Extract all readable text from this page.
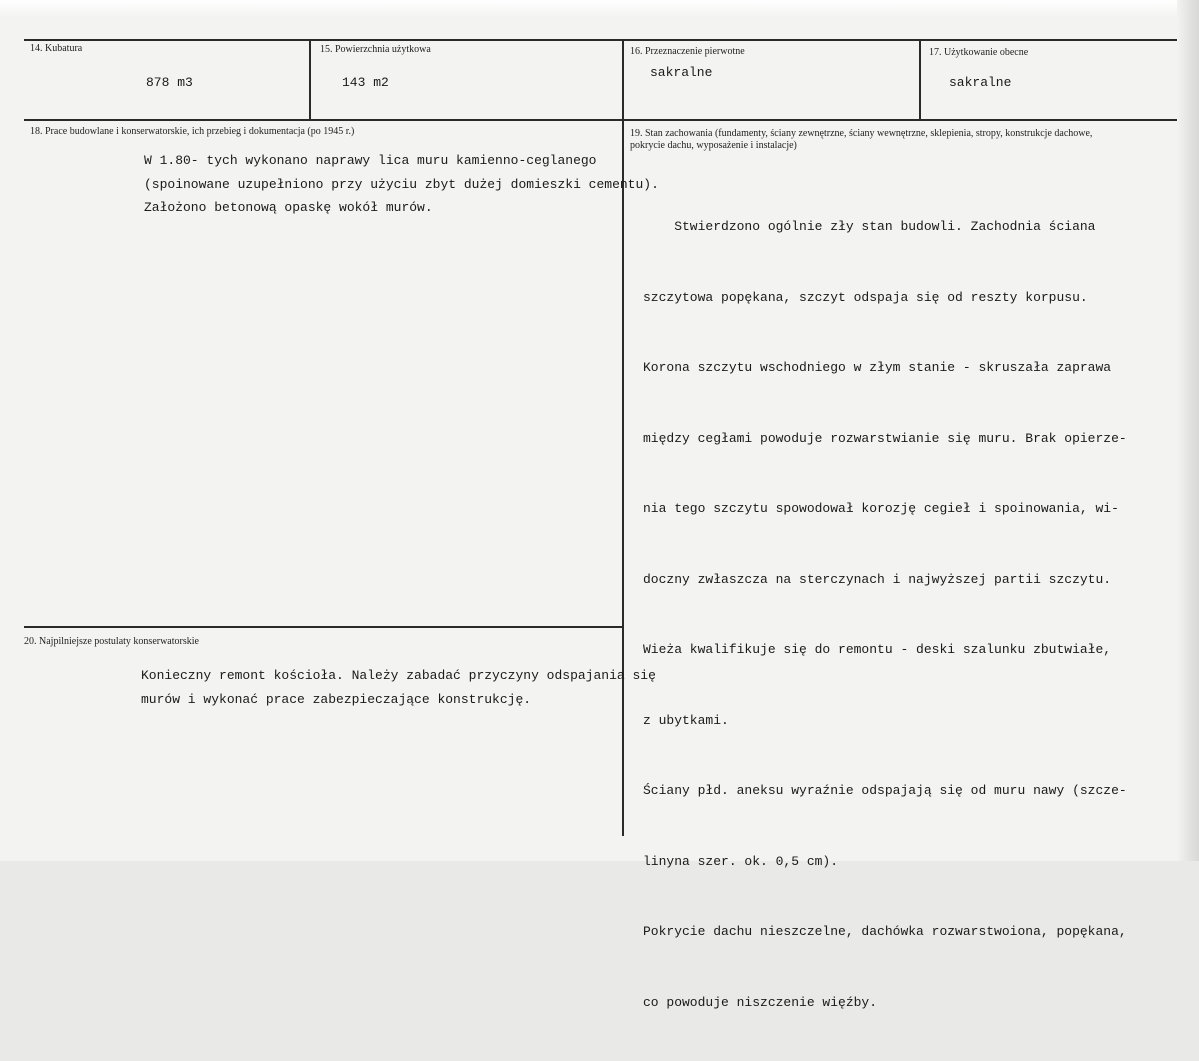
14. Kubatura
878 m3
15. Powierzchnia użytkowa
143 m2
16. Przeznaczenie pierwotne
sakralne
17. Użytkowanie obecne
sakralne
18. Prace budowlane i konserwatorskie, ich przebieg i dokumentacja (po 1945 r.)
W 1.80- tych wykonano naprawy lica muru kamienno-ceglanego
(spoinowane uzupełniono przy użyciu zbyt dużej domieszki cementu).
Założono betonową opaskę wokół murów.
19. Stan zachowania (fundamenty, ściany zewnętrzne, ściany wewnętrzne, sklepienia, stropy, konstrukcje dachowe,
pokrycie dachu, wyposażenie i instalacje)

Stwierdzono ogólnie zły stan budowli. Zachodnia ściana

szczytowa popękana, szczyt odspaja się od reszty korpusu.

Korona szczytu wschodniego w złym stanie - skruszała zaprawa

między cegłami powoduje rozwarstwianie się muru. Brak opierze-

nia tego szczytu spowodował korozję cegieł i spoinowania, wi-

doczny zwłaszcza na sterczynach i najwyższej partii szczytu.

Wieża kwalifikuje się do remontu - deski szalunku zbutwiałe,

z ubytkami.

Ściany płd. aneksu wyraźnie odspajają się od muru nawy (szcze-

linyna szer. ok. 0,5 cm).

Pokrycie dachu nieszczelne, dachówka rozwarstwoiona, popękana,

co powoduje niszczenie więźby.

20. Najpilniejsze postulaty konserwatorskie
Konieczny remont kościoła. Należy zabadać przyczyny odspajania się
murów i wykonać prace zabezpieczające konstrukcję.
